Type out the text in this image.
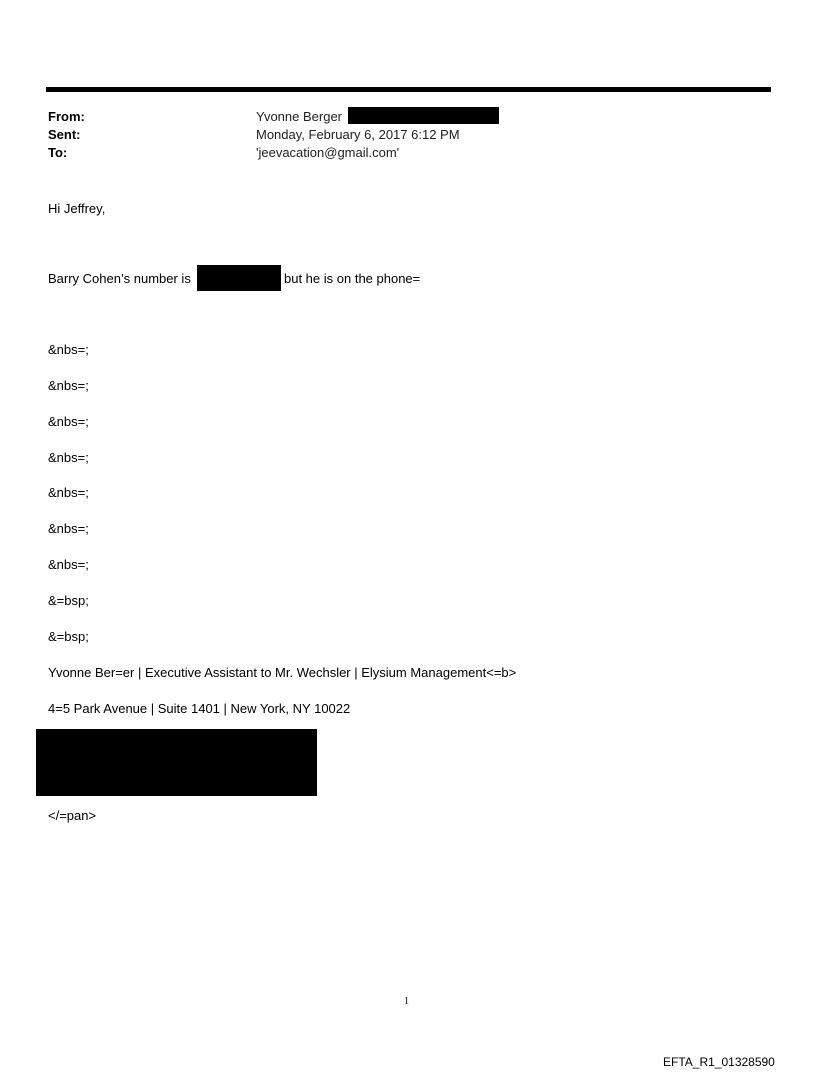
From:	Yvonne Berger
Sent:	Monday, February 6, 2017 6:12 PM
To:	'jeevacation@gmail.com'
Hi Jeffrey,
Barry Cohen’s number is	but he is on the phone=
&nbs=;
&nbs=;
&nbs=;
&nbs=;
&nbs=;
&nbs=;
&nbs=;
&=bsp;
&=bsp;
Yvonne Ber=er | Executive Assistant to Mr. Wechsler | Elysium Management<=b>
4=5 Park Avenue | Suite 1401 | New York, NY 10022
</=pan>
1
EFTA_R1_01328590
